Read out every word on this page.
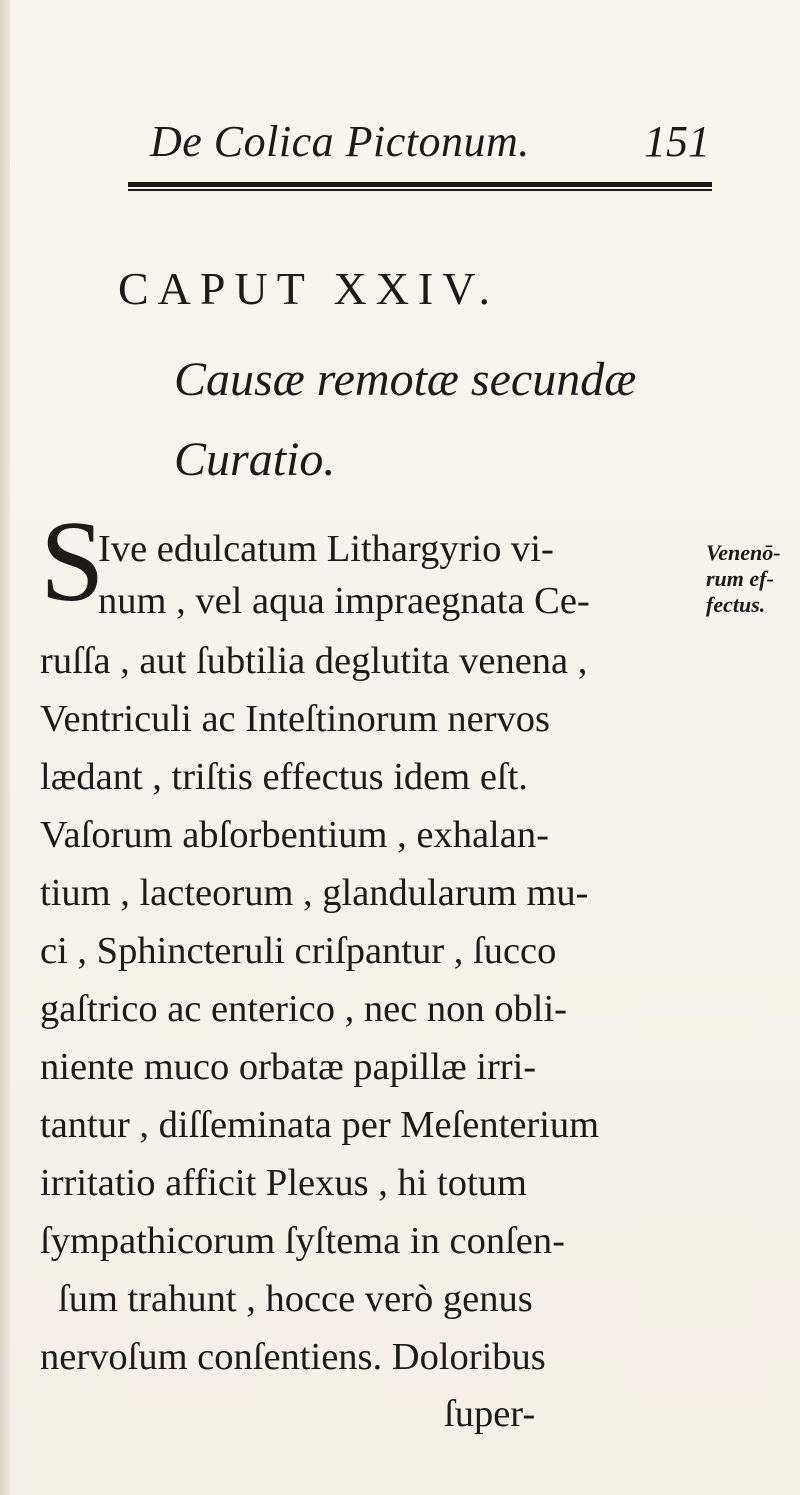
De Colica Pictonum.	151
CAPUT XXIV.
Causæ remotæ secundæ
Curatio.
S
Ive edulcatum Lithargyrio vi-
num , vel aqua impraegnata Ce-
ruſſa , aut ſubtilia deglutita venena ,
Ventriculi ac Inteſtinorum nervos
lædant , triſtis effectus idem eſt.
Vaſorum abſorbentium , exhalan-
tium , lacteorum , glandularum mu-
ci , Sphincteruli criſpantur , ſucco
gaſtrico ac enterico , nec non obli-
niente muco orbatæ papillæ irri-
tantur , diſſeminata per Meſenterium
irritatio afficit Plexus , hi totum
ſympathicorum ſyſtema in conſen-
ſum trahunt , hocce verò genus
nervoſum conſentiens. Doloribus
ſuper-
Venenō-
rum ef-
fectus.
